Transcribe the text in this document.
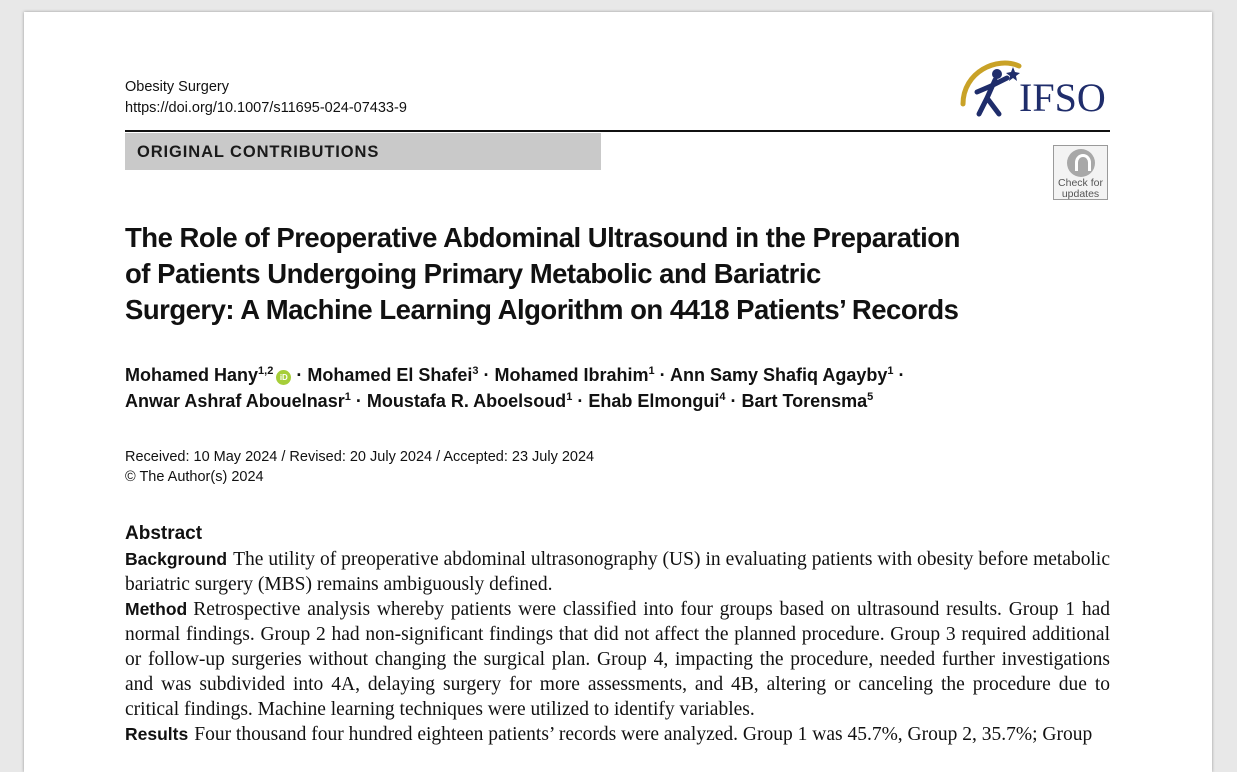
Obesity Surgery
https://doi.org/10.1007/s11695-024-07433-9	IFSO
ORIGINAL CONTRIBUTIONS
Check for
updates
The Role of Preoperative Abdominal Ultrasound in the Preparation
of Patients Undergoing Primary Metabolic and Bariatric
Surgery: A Machine Learning Algorithm on 4418 Patients’ Records
Mohamed Hany$^{1,2}$iD · Mohamed El Shafei$^3$ · Mohamed Ibrahim$^1$ · Ann Samy Shafiq Agayby$^1$ ·
Anwar Ashraf Abouelnasr$^1$ · Moustafa R. Aboelsoud$^1$ · Ehab Elmongui$^4$ · Bart Torensma$^5$
Received: 10 May 2024 / Revised: 20 July 2024 / Accepted: 23 July 2024
© The Author(s) 2024
Abstract

Background The utility of preoperative abdominal ultrasonography (US) in evaluating patients with obesity before metabolic bariatric surgery (MBS) remains ambiguously defined.

Method Retrospective analysis whereby patients were classified into four groups based on ultrasound results. Group 1 had normal findings. Group 2 had non-significant findings that did not affect the planned procedure. Group 3 required additional or follow-up surgeries without changing the surgical plan. Group 4, impacting the procedure, needed further investigations and was subdivided into 4A, delaying surgery for more assessments, and 4B, altering or canceling the procedure due to critical findings. Machine learning techniques were utilized to identify variables.

Results Four thousand four hundred eighteen patients’ records were analyzed. Group 1 was 45.7%, Group 2, 35.7%; Group
